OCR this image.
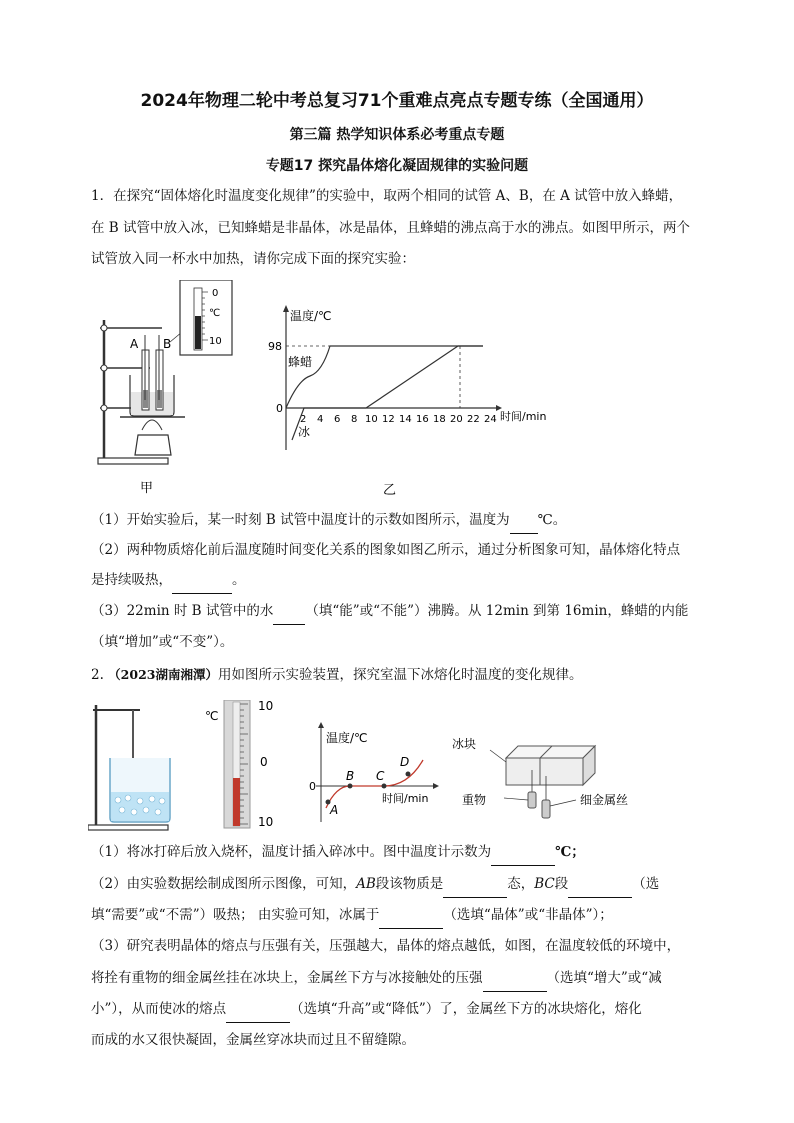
2024年物理二轮中考总复习71个重难点亮点专题专练（全国通用）
第三篇 热学知识体系必考重点专题
专题17 探究晶体熔化凝固规律的实验问题
1．在探究“固体熔化时温度变化规律”的实验中，取两个相同的试管 A、B，在 A 试管中放入蜂蜡，
在 B 试管中放入冰，已知蜂蜡是非晶体，冰是晶体，且蜂蜡的沸点高于水的沸点。如图甲所示，两个
试管放入同一杯水中加热，请你完成下面的探究实验：
A B
0
℃
10
甲
温度/℃
时间/min
98
0
2 4 6 8 10 12 14 16 18 20 22 24
蜂蜡
冰
乙
（1）开始实验后，某一时刻 B 试管中温度计的示数如图所示，温度为 ℃。
（2）两种物质熔化前后温度随时间变化关系的图象如图乙所示，通过分析图象可知，晶体熔化特点
是持续吸热，	。
（3）22min 时 B 试管中的水 （填“能”或“不能”）沸腾。从 12min 到第 16min，蜂蜡的内能
（填“增加”或“不变”）。
2. （2023湖南湘潭）用如图所示实验装置，探究室温下冰熔化时温度的变化规律。
℃
10
0
10
温度/℃
时间/min
0
A
B C
D
冰块
重物	细金属丝
（1）将冰打碎后放入烧杯，温度计插入碎冰中。图中温度计示数为	℃；
（2）由实验数据绘制成图所示图像，可知，AB段该物质是	态，BC段	（选
填“需要”或“不需”）吸热； 由实验可知，冰属于	（选填“晶体”或“非晶体”）；
（3）研究表明晶体的熔点与压强有关，压强越大，晶体的熔点越低，如图，在温度较低的环境中，
将拴有重物的细金属丝挂在冰块上，金属丝下方与冰接触处的压强	（选填“增大”或“减
小”），从而使冰的熔点	（选填“升高”或“降低”）了，金属丝下方的冰块熔化，熔化
而成的水又很快凝固，金属丝穿冰块而过且不留缝隙。
